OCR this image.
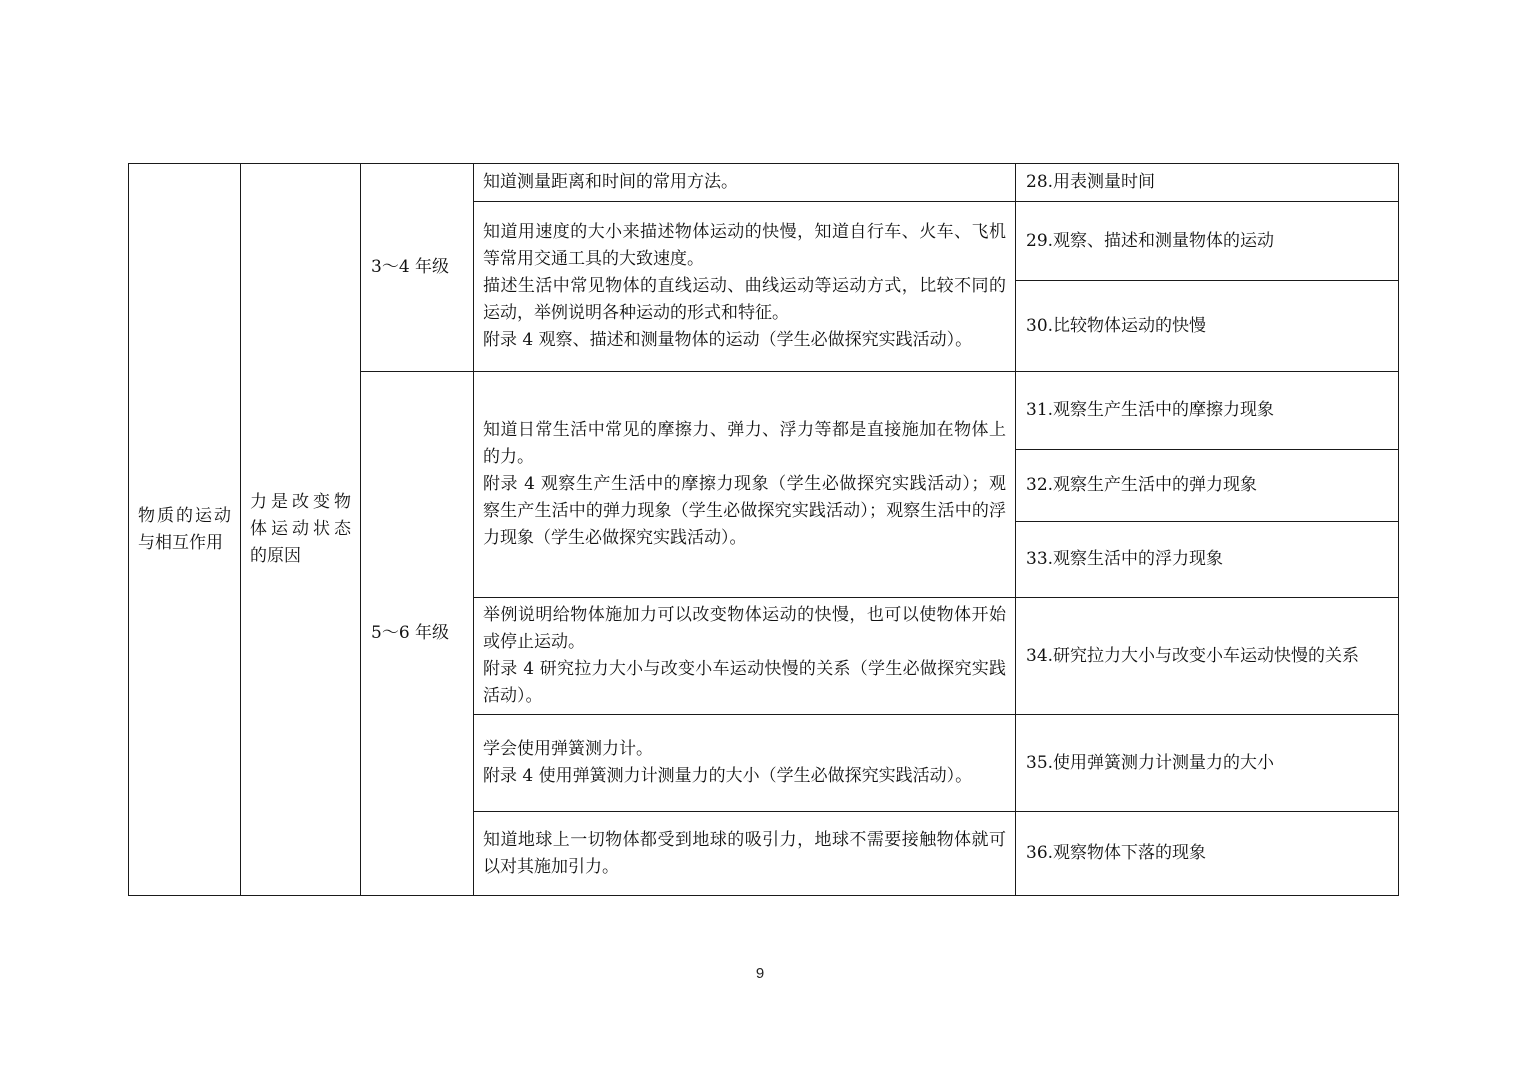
物质的运动与相互作用	力是改变物体运动状态的原因	3～4 年级	知道测量距离和时间的常用方法。	28.用表测量时间

			知道用速度的大小来描述物体运动的快慢，知道自行车、火车、飞机等常用交通工具的大致速度。
描述生活中常见物体的直线运动、曲线运动等运动方式，比较不同的运动，举例说明各种运动的形式和特征。
附录 4 观察、描述和测量物体的运动（学生必做探究实践活动）。	29.观察、描述和测量物体的运动
				30.比较物体运动的快慢
		5～6 年级	知道日常生活中常见的摩擦力、弹力、浮力等都是直接施加在物体上的力。
附录 4 观察生产生活中的摩擦力现象（学生必做探究实践活动）；观察生产生活中的弹力现象（学生必做探究实践活动）；观察生活中的浮力现象（学生必做探究实践活动）。	31.观察生产生活中的摩擦力现象
				32.观察生产生活中的弹力现象
				33.观察生活中的浮力现象

			举例说明给物体施加力可以改变物体运动的快慢，也可以使物体开始或停止运动。
附录 4 研究拉力大小与改变小车运动快慢的关系（学生必做探究实践活动）。	34.研究拉力大小与改变小车运动快慢的关系

			学会使用弹簧测力计。
附录 4 使用弹簧测力计测量力的大小（学生必做探究实践活动）。	35.使用弹簧测力计测量力的大小
			知道地球上一切物体都受到地球的吸引力，地球不需要接触物体就可以对其施加引力。	36.观察物体下落的现象
9
